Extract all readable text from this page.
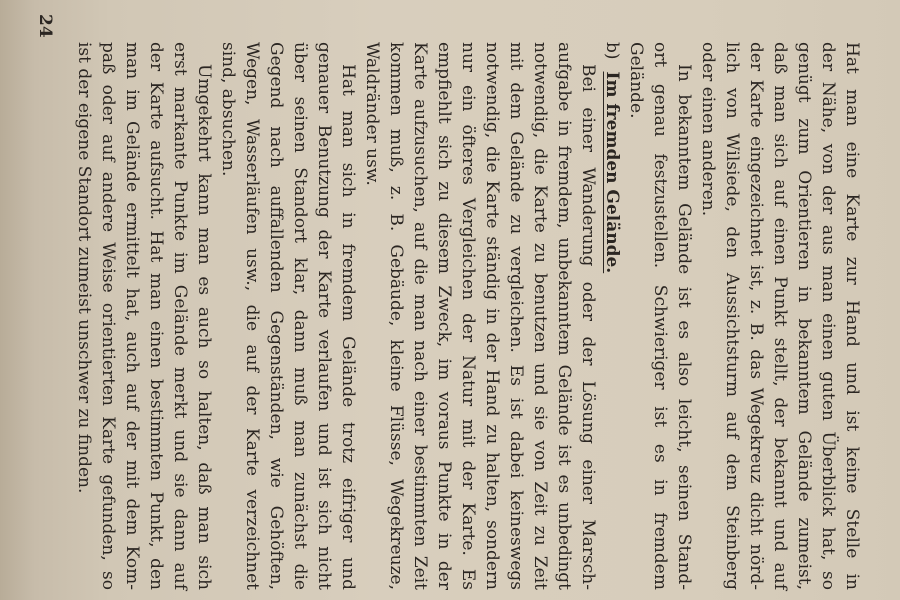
Hat man eine Karte zur Hand und ist keine Stelle in
der Nähe, von der aus man einen guten Überblick hat, so
genügt zum Orientieren in bekanntem Gelände zumeist,
daß man sich auf einen Punkt stellt, der bekannt und auf
der Karte eingezeichnet ist, z. B. das Wegekreuz dicht nörd-
lich von Wilsiede, den Aussichtsturm auf dem Steinberg
oder einen anderen.
In bekanntem Gelände ist es also leicht, seinen Stand-
ort genau festzustellen. Schwieriger ist es in fremdem
Gelände.
b)Im fremden Gelände.
Bei einer Wanderung oder der Lösung einer Marsch-
aufgabe in fremdem, unbekanntem Gelände ist es unbedingt
notwendig, die Karte zu benutzen und sie von Zeit zu Zeit
mit dem Gelände zu vergleichen. Es ist dabei keineswegs
notwendig, die Karte ständig in der Hand zu halten, sondern
nur ein öfteres Vergleichen der Natur mit der Karte. Es
empfiehlt sich zu diesem Zweck, im voraus Punkte in der
Karte aufzusuchen, auf die man nach einer bestimmten Zeit
kommen muß, z. B. Gebäude, kleine Flüsse, Wegekreuze,
Waldränder usw.
Hat man sich in fremdem Gelände trotz eifriger und
genauer Benutzung der Karte verlaufen und ist sich nicht
über seinen Standort klar, dann muß man zunächst die
Gegend nach auffallenden Gegenständen, wie Gehöften,
Wegen, Wasserläufen usw., die auf der Karte verzeichnet
sind, absuchen.
Umgekehrt kann man es auch so halten, daß man sich
erst markante Punkte im Gelände merkt und sie dann auf
der Karte aufsucht. Hat man einen bestimmten Punkt, den
man im Gelände ermittelt hat, auch auf der mit dem Kom-
paß oder auf andere Weise orientierten Karte gefunden, so
ist der eigene Standort zumeist unschwer zu finden.
24
